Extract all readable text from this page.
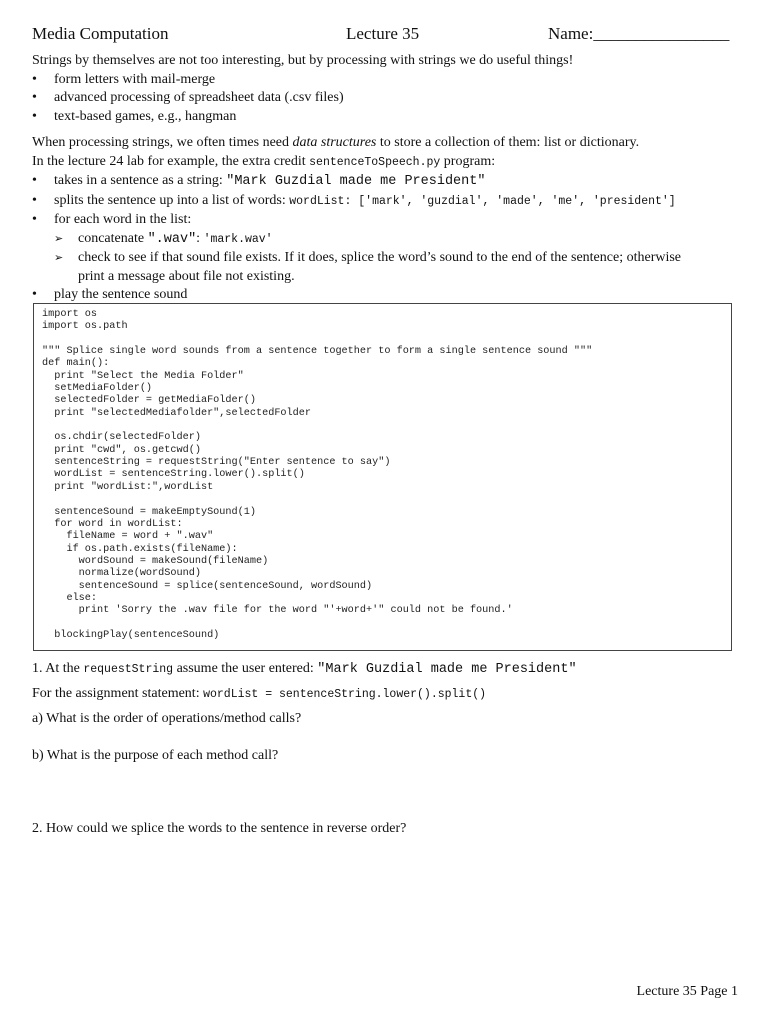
Media Computation	Lecture 35	Name:________________
Strings by themselves are not too interesting, but by processing with strings we do useful things!
• form letters with mail-merge
• advanced processing of spreadsheet data (.csv files)
• text-based games, e.g., hangman
When processing strings, we often times need data structures to store a collection of them: list or dictionary.
In the lecture 24 lab for example, the extra credit sentenceToSpeech.py program:
• takes in a sentence as a string: "Mark Guzdial made me President"
• splits the sentence up into a list of words: wordList: ['mark', 'guzdial', 'made', 'me', 'president']
• for each word in the list:
➢ concatenate ".wav": 'mark.wav'
➢ check to see if that sound file exists. If it does, splice the word’s sound to the end of the sentence; otherwise
print a message about file not existing.
• play the sentence sound
import os
import os.path

""" Splice single word sounds from a sentence together to form a single sentence sound """
def main():
print "Select the Media Folder"
setMediaFolder()
selectedFolder = getMediaFolder()
print "selectedMediafolder",selectedFolder

os.chdir(selectedFolder)
print "cwd", os.getcwd()
sentenceString = requestString("Enter sentence to say")
wordList = sentenceString.lower().split()
print "wordList:",wordList

sentenceSound = makeEmptySound(1)
for word in wordList:
fileName = word + ".wav"
if os.path.exists(fileName):
wordSound = makeSound(fileName)
normalize(wordSound)
sentenceSound = splice(sentenceSound, wordSound)
else:
print 'Sorry the .wav file for the word "'+word+'" could not be found.'

blockingPlay(sentenceSound)
1. At the requestString assume the user entered: "Mark Guzdial made me President"
For the assignment statement: wordList = sentenceString.lower().split()
a) What is the order of operations/method calls?
b) What is the purpose of each method call?
2. How could we splice the words to the sentence in reverse order?
Lecture 35 Page 1
